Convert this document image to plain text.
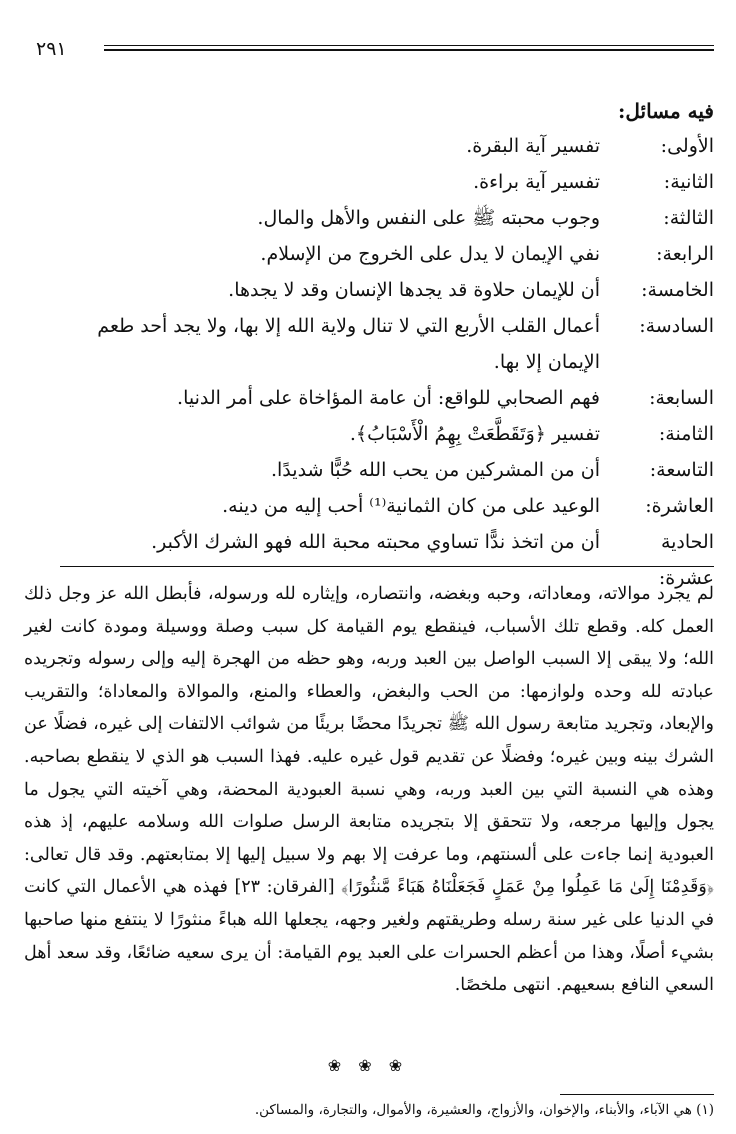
٢٩١
فيه مسائل:
الأولى:
تفسير آية البقرة.
الثانية:
تفسير آية براءة.
الثالثة:
وجوب محبته ﷺ على النفس والأهل والمال.
الرابعة:
نفي الإيمان لا يدل على الخروج من الإسلام.
الخامسة:
أن للإيمان حلاوة قد يجدها الإنسان وقد لا يجدها.
السادسة:
أعمال القلب الأربع التي لا تنال ولاية الله إلا بها، ولا يجد أحد طعم الإيمان إلا بها.
السابعة:
فهم الصحابي للواقع: أن عامة المؤاخاة على أمر الدنيا.
الثامنة:
تفسير ﴿وَتَقَطَّعَتْ بِهِمُ الْأَسْبَابُ﴾.
التاسعة:
أن من المشركين من يحب الله حُبًّا شديدًا.
العاشرة:
الوعيد على من كان الثمانية⁽¹⁾ أحب إليه من دينه.
الحادية عشرة:
أن من اتخذ ندًّا تساوي محبته محبة الله فهو الشرك الأكبر.

لم يجرد موالاته، ومعاداته، وحبه وبغضه، وانتصاره، وإيثاره لله ورسوله، فأبطل الله عز وجل ذلك العمل كله. وقطع تلك الأسباب، فينقطع يوم القيامة كل سبب وصلة ووسيلة ومودة كانت لغير الله؛ ولا يبقى إلا السبب الواصل بين العبد وربه، وهو حظه من الهجرة إليه وإلى رسوله وتجريده عبادته لله وحده ولوازمها: من الحب والبغض، والعطاء والمنع، والموالاة والمعاداة؛ والتقريب والإبعاد، وتجريد متابعة رسول الله ﷺ تجريدًا محضًا بريئًا من شوائب الالتفات إلى غيره، فضلًا عن الشرك بينه وبين غيره؛ وفضلًا عن تقديم قول غيره عليه. فهذا السبب هو الذي لا ينقطع بصاحبه. وهذه هي النسبة التي بين العبد وربه، وهي نسبة العبودية المحضة، وهي آخيته التي يجول ما يجول وإليها مرجعه، ولا تتحقق إلا بتجريده متابعة الرسل صلوات الله وسلامه عليهم، إذ هذه العبودية إنما جاءت على ألسنتهم، وما عرفت إلا بهم ولا سبيل إليها إلا بمتابعتهم. وقد قال تعالى: ﴿وَقَدِمْنَا إِلَىٰ مَا عَمِلُوا مِنْ عَمَلٍ فَجَعَلْنَاهُ هَبَاءً مَّنثُورًا﴾ [الفرقان: ٢٣] فهذه هي الأعمال التي كانت في الدنيا على غير سنة رسله وطريقتهم ولغير وجهه، يجعلها الله هباءً منثورًا لا ينتفع منها صاحبها بشيء أصلًا، وهذا من أعظم الحسرات على العبد يوم القيامة: أن يرى سعيه ضائعًا، وقد سعد أهل السعي النافع بسعيهم. انتهى ملخصًا.

❀ ❀ ❀
(١) هي الآباء، والأبناء، والإخوان، والأزواج، والعشيرة، والأموال، والتجارة، والمساكن.
